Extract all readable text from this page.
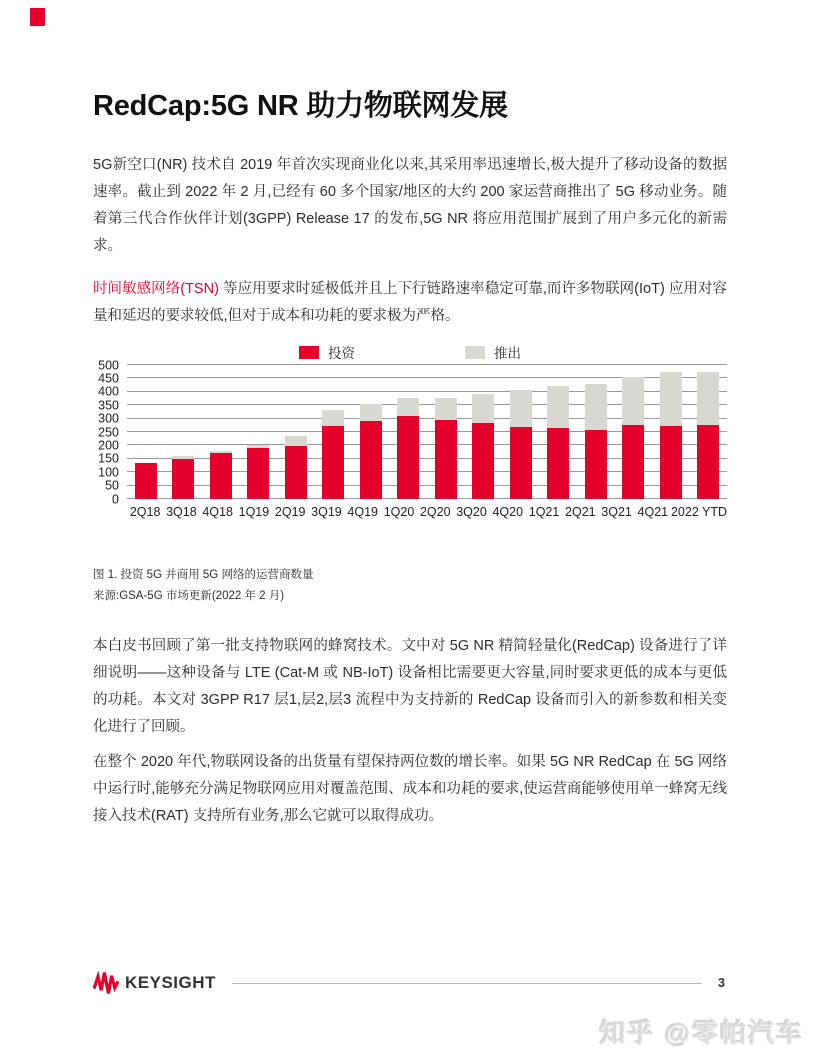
RedCap:5G NR 助力物联网发展

5G新空口(NR) 技术自 2019 年首次实现商业化以来,其采用率迅速增长,极大提升了移动设备的数据速率。截止到 2022 年 2 月,已经有 60 多个国家/地区的大约 200 家运营商推出了 5G 移动业务。随着第三代合作伙伴计划(3GPP) Release 17 的发布,5G NR 将应用范围扩展到了用户多元化的新需求。

时间敏感网络(TSN) 等应用要求时延极低并且上下行链路速率稳定可靠,而许多物联网(IoT) 应用对容量和延迟的要求较低,但对于成本和功耗的要求极为严格。

投资	推出
0
50
100
150
200
250
300
350
400
450
500
2Q18 3Q18 4Q18 1Q19 2Q19 3Q19 4Q19 1Q20 2Q20 3Q20 4Q20 1Q21 2Q21 3Q21 4Q21 2022 YTD
图 1. 投资 5G 并商用 5G 网络的运营商数量
来源:GSA-5G 市场更新(2022 年 2 月)

本白皮书回顾了第一批支持物联网的蜂窝技术。文中对 5G NR 精简轻量化(RedCap) 设备进行了详细说明——这种设备与 LTE (Cat-M 或 NB-IoT) 设备相比需要更大容量,同时要求更低的成本与更低的功耗。本文对 3GPP R17 层1,层2,层3 流程中为支持新的 RedCap 设备而引入的新参数和相关变化进行了回顾。

在整个 2020 年代,物联网设备的出货量有望保持两位数的增长率。如果 5G NR RedCap 在 5G 网络中运行时,能够充分满足物联网应用对覆盖范围、成本和功耗的要求,使运营商能够使用单一蜂窝无线接入技术(RAT) 支持所有业务,那么它就可以取得成功。

KEYSIGHT	3
知乎 @零帕汽车
